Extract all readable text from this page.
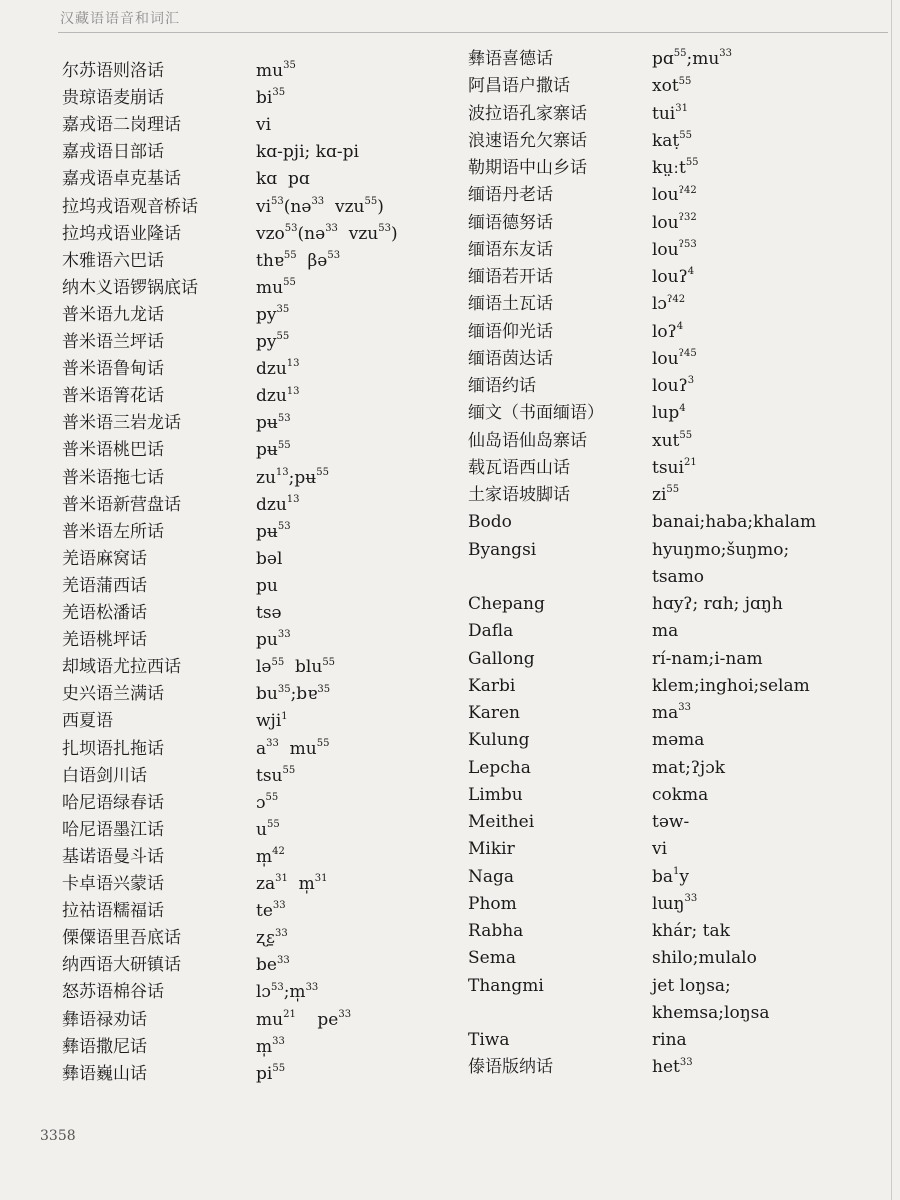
汉藏语语音和词汇
尔苏语则洛话	$mu^{35}$
贵琼语麦崩话	$bi^{35}$
嘉戎语二岗理话	vi
嘉戎语日部话	kɑ-pji; kɑ-pi
嘉戎语卓克基话	kɑ  pɑ
拉坞戎语观音桥话	$vi^{53}(nə^{33}$  vzu$^{55}$)
拉坞戎语业隆话	vzo$^{53}$(nə$^{33}$  vzu$^{53}$)
木雅语六巴话	thɐ$^{55}$  βə$^{53}$
纳木义语锣锅底话	$mu^{55}$
普米语九龙话	$py^{35}$
普米语兰坪话	$py^{55}$
普米语鲁甸话	dzu$^{13}$
普米语箐花话	dzu$^{13}$
普米语三岩龙话	pʉ$^{53}$
普米语桃巴话	pʉ$^{55}$
普米语拖七话	$zu^{13};pʉ^{55}$
普米语新营盘话	dzu$^{13}$
普米语左所话	pʉ$^{53}$
羌语麻窝话	bəl
羌语蒲西话	pu
羌语松潘话	tsə
羌语桃坪话	$pu^{33}$
却域语尤拉西话	lə$^{55}$  blu$^{55}$
史兴语兰满话	$bu^{35};bɐ^{35}$
西夏语	wji$^1$
扎坝语扎拖话	$a^{33}$  $mu^{55}$
白语剑川话	tsu$^{55}$
哈尼语绿春话	ɔ$^{55}$
哈尼语墨江话	$u^{55}$
基诺语曼斗话	m̩$^{42}$
卡卓语兴蒙话	$za^{31}$  m̩$^{31}$
拉祜语糯福话	$te^{33}$
傈僳语里吾底话	ʐɛ̱$^{33}$
纳西语大研镇话	$be^{33}$
怒苏语棉谷话	lɔ$^{53}$;m̩$^{33}$
彝语禄劝话	$mu^{21}$    $pe^{33}$
彝语撒尼话	m̩$^{33}$
彝语巍山话	$pi^{55}$
彝语喜德话	$pɑ^{55};mu^{33}$
阿昌语户撒话	xot$^{55}$
波拉语孔家寨话	tui$^{31}$
浪速语允欠寨话	kaṭ$^{55}$
勒期语中山乡话	kṳːt$^{55}$
缅语丹老话	lou$^{ʔ42}$
缅语德努话	lou$^{ʔ32}$
缅语东友话	lou$^{ʔ53}$
缅语若开话	louʔ$^4$
缅语土瓦话	lɔ$^{ʔ42}$
缅语仰光话	loʔ$^4$
缅语茵达话	lou$^{ʔ45}$
缅语约话	louʔ$^3$
缅文（书面缅语）	lup$^4$
仙岛语仙岛寨话	xut$^{55}$
载瓦语西山话	tsui$^{21}$
土家语坡脚话	$zi^{55}$
Bodo	banai;haba;khalam
Byangsi	hyuŋmo;šuŋmo;
tsamo
Chepang	hɑyʔ; rɑh; jɑŋh
Dafla	ma
Gallong	rí-nam;i-nam
Karbi	klem;inghoi;selam
Karen	$ma^{33}$
Kulung	məma
Lepcha	mat;ʔjɔk
Limbu	cokma
Meithei	təw-
Mikir	vi
Naga	$ba^1y$
Phom	lɯŋ$^{33}$
Rabha	khár; tak
Sema	shilo;mulalo
Thangmi	jet loŋsa;
khemsa;loŋsa
Tiwa	rina
傣语版纳话	het$^{33}$
3358
